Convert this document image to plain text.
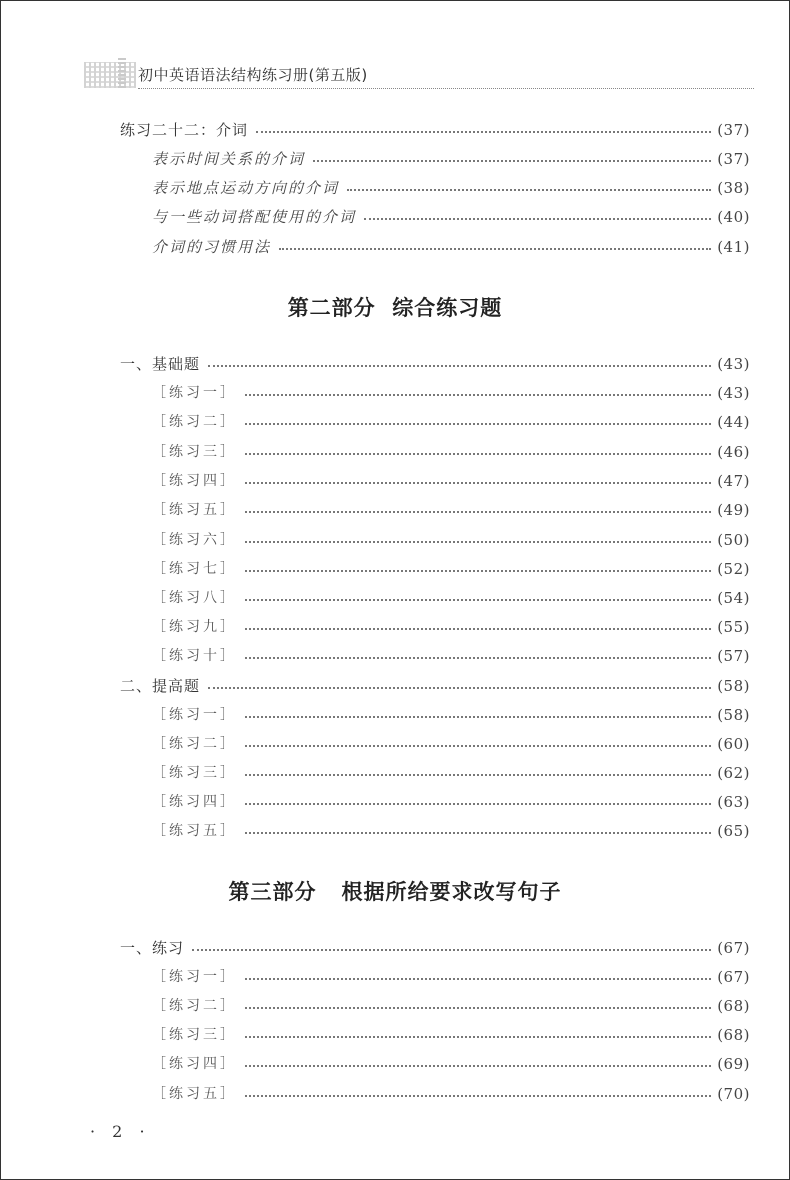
初中英语语法结构练习册(第五版)
练习二十二：介词	(37)
表示时间关系的介词	(37)
表示地点运动方向的介词	(38)
与一些动词搭配使用的介词	(40)
介词的习惯用法	(41)
第二部分  综合练习题
一、基础题	(43)
［练习一］	(43)
［练习二］	(44)
［练习三］	(46)
［练习四］	(47)
［练习五］	(49)
［练习六］	(50)
［练习七］	(52)
［练习八］	(54)
［练习九］	(55)
［练习十］	(57)
二、提高题	(58)
［练习一］	(58)
［练习二］	(60)
［练习三］	(62)
［练习四］	(63)
［练习五］	(65)
第三部分   根据所给要求改写句子
一、练习	(67)
［练习一］	(67)
［练习二］	(68)
［练习三］	(68)
［练习四］	(69)
［练习五］	(70)
· 2 ·
